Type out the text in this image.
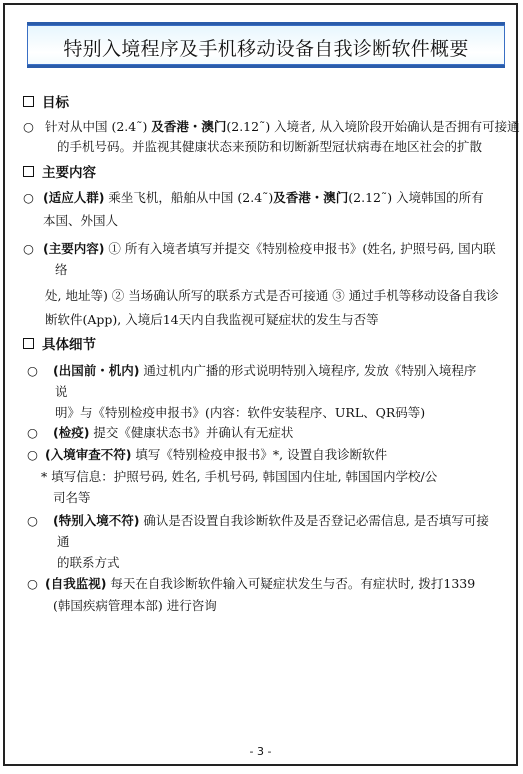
特别入境程序及手机移动设备自我诊断软件概要
目标
○ 针对从中国 (2.4˜) 及香港・澳门(2.12˜) 入境者, 从入境阶段开始确认是否拥有可接通
的手机号码。并监视其健康状态来预防和切断新型冠状病毒在地区社会的扩散
主要内容
○ (适应人群) 乘坐飞机，船舶从中国 (2.4˜)及香港・澳门(2.12˜) 入境韩国的所有
本国、外国人
○ (主要内容) ① 所有入境者填写并提交《特别检疫申报书》(姓名, 护照号码, 国内联
络
处, 地址等) ② 当场确认所写的联系方式是否可接通 ③ 通过手机等移动设备自我诊
断软件(App), 入境后14天内自我监视可疑症状的发生与否等
具体细节
○ (出国前・机内) 通过机内广播的形式说明特别入境程序, 发放《特别入境程序
说
明》与《特别检疫申报书》(内容：软件安装程序、URL、QR码等)
○ (检疫) 提交《健康状态书》并确认有无症状
○ (入境审查不符) 填写《特别检疫申报书》*, 设置自我诊断软件
* 填写信息：护照号码, 姓名, 手机号码, 韩国国内住址, 韩国国内学校/公
司名等
○ (特别入境不符) 确认是否设置自我诊断软件及是否登记必需信息, 是否填写可接
通
的联系方式
○ (自我监视) 每天在自我诊断软件输入可疑症状发生与否。有症状时, 拨打1339
(韩国疾病管理本部) 进行咨询
- 3 -
